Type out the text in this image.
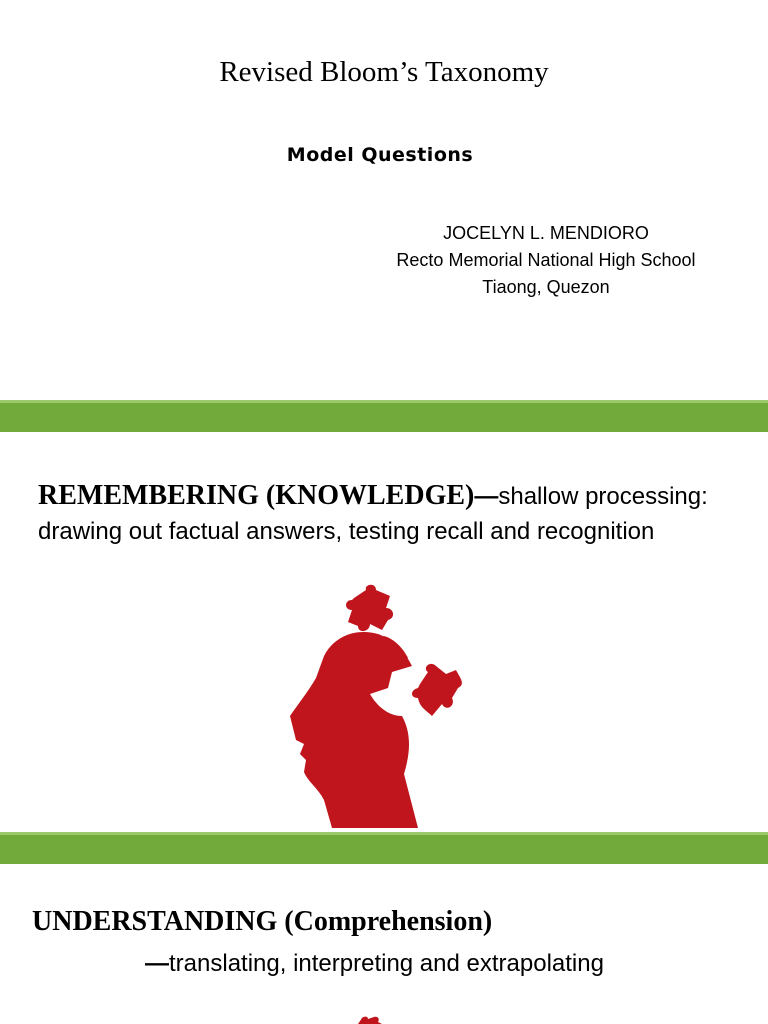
Revised Bloom’s Taxonomy
Model Questions
JOCELYN L. MENDIORO
Recto Memorial National High School
Tiaong, Quezon
REMEMBERING (KNOWLEDGE)—shallow processing: drawing out factual answers, testing recall and recognition
UNDERSTANDING (Comprehension)
—translating, interpreting and extrapolating
